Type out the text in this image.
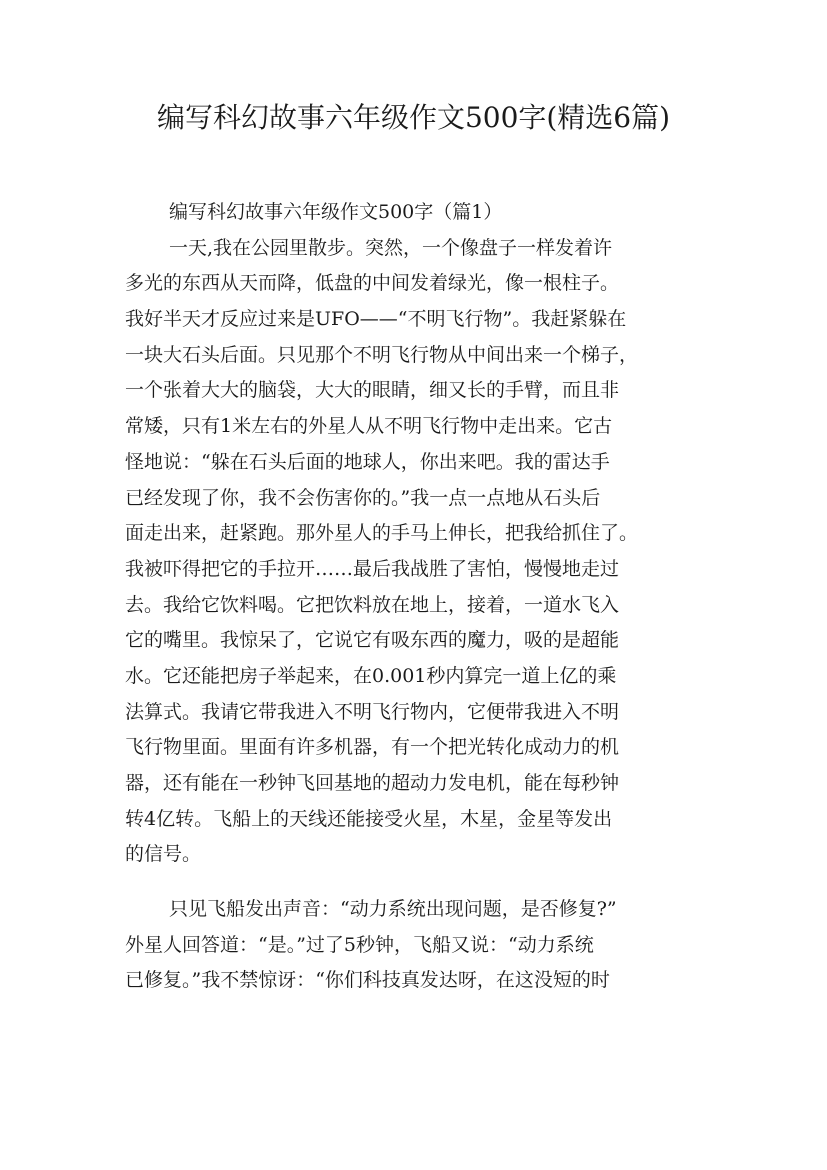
编写科幻故事六年级作文500字(精选6篇)

编写科幻故事六年级作文500字（篇1）

一天,我在公园里散步。突然，一个像盘子一样发着许

多光的东西从天而降，低盘的中间发着绿光，像一根柱子。

我好半天才反应过来是UFO——“不明飞行物”。我赶紧躲在

一块大石头后面。只见那个不明飞行物从中间出来一个梯子，

一个张着大大的脑袋，大大的眼睛，细又长的手臂，而且非

常矮，只有1米左右的外星人从不明飞行物中走出来。它古

怪地说：“躲在石头后面的地球人，你出来吧。我的雷达手

已经发现了你，我不会伤害你的。”我一点一点地从石头后

面走出来，赶紧跑。那外星人的手马上伸长，把我给抓住了。

我被吓得把它的手拉开……最后我战胜了害怕，慢慢地走过

去。我给它饮料喝。它把饮料放在地上，接着，一道水飞入

它的嘴里。我惊呆了，它说它有吸东西的魔力，吸的是超能

水。它还能把房子举起来，在0.001秒内算完一道上亿的乘

法算式。我请它带我进入不明飞行物内，它便带我进入不明

飞行物里面。里面有许多机器，有一个把光转化成动力的机

器，还有能在一秒钟飞回基地的超动力发电机，能在每秒钟

转4亿转。飞船上的天线还能接受火星，木星，金星等发出

的信号。

只见飞船发出声音：“动力系统出现问题，是否修复?”

外星人回答道：“是。”过了5秒钟，飞船又说：“动力系统

已修复。”我不禁惊讶：“你们科技真发达呀，在这没短的时
